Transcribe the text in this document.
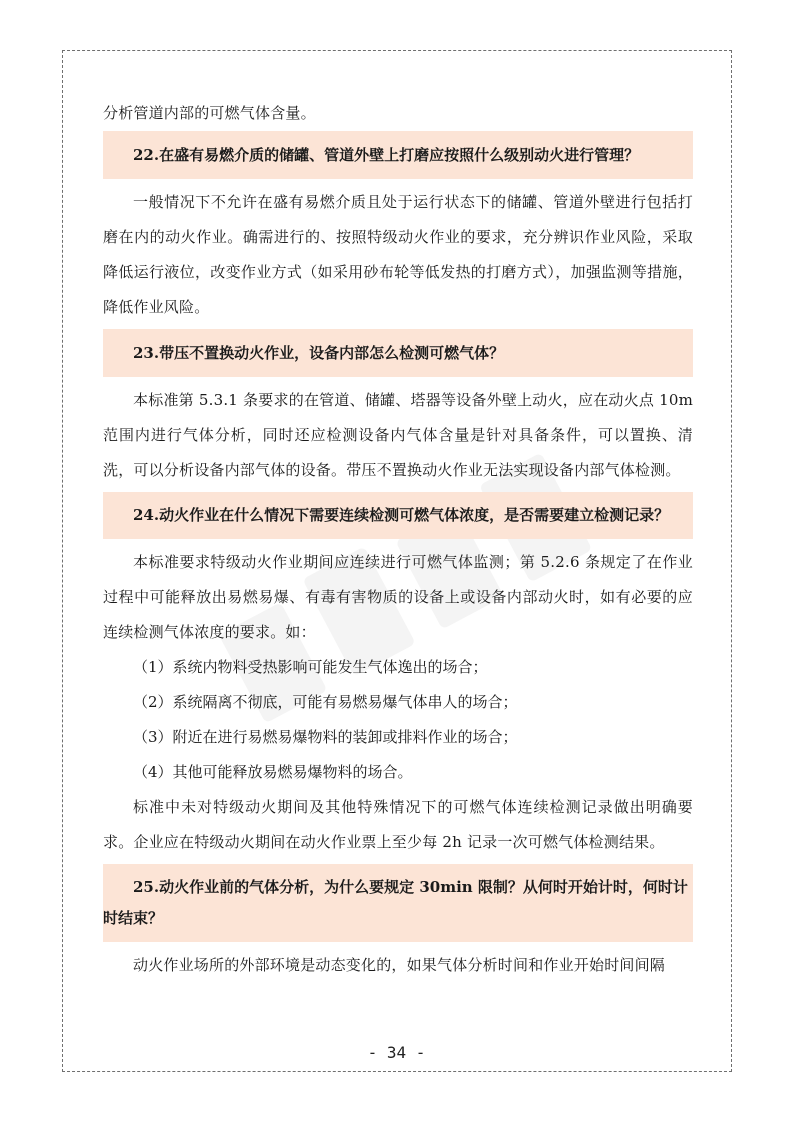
分析管道内部的可燃气体含量。

22.在盛有易燃介质的储罐、管道外壁上打磨应按照什么级别动火进行管理？

一般情况下不允许在盛有易燃介质且处于运行状态下的储罐、管道外壁进行包括打磨在内的动火作业。确需进行的、按照特级动火作业的要求，充分辨识作业风险，采取降低运行液位，改变作业方式（如采用砂布轮等低发热的打磨方式），加强监测等措施，降低作业风险。

23.带压不置换动火作业，设备内部怎么检测可燃气体？

本标准第 5.3.1 条要求的在管道、储罐、塔器等设备外壁上动火，应在动火点 10m 范围内进行气体分析，同时还应检测设备内气体含量是针对具备条件，可以置换、清洗，可以分析设备内部气体的设备。带压不置换动火作业无法实现设备内部气体检测。

24.动火作业在什么情况下需要连续检测可燃气体浓度，是否需要建立检测记录？

本标准要求特级动火作业期间应连续进行可燃气体监测；第 5.2.6 条规定了在作业过程中可能释放出易燃易爆、有毒有害物质的设备上或设备内部动火时，如有必要的应连续检测气体浓度的要求。如：

（1）系统内物料受热影响可能发生气体逸出的场合；

（2）系统隔离不彻底，可能有易燃易爆气体串人的场合；

（3）附近在进行易燃易爆物料的装卸或排料作业的场合；

（4）其他可能释放易燃易爆物料的场合。

标准中未对特级动火期间及其他特殊情况下的可燃气体连续检测记录做出明确要求。企业应在特级动火期间在动火作业票上至少每 2h 记录一次可燃气体检测结果。

25.动火作业前的气体分析，为什么要规定 30min 限制？从何时开始计时，何时计时结束？

动火作业场所的外部环境是动态变化的，如果气体分析时间和作业开始时间间隔

- 34 -
